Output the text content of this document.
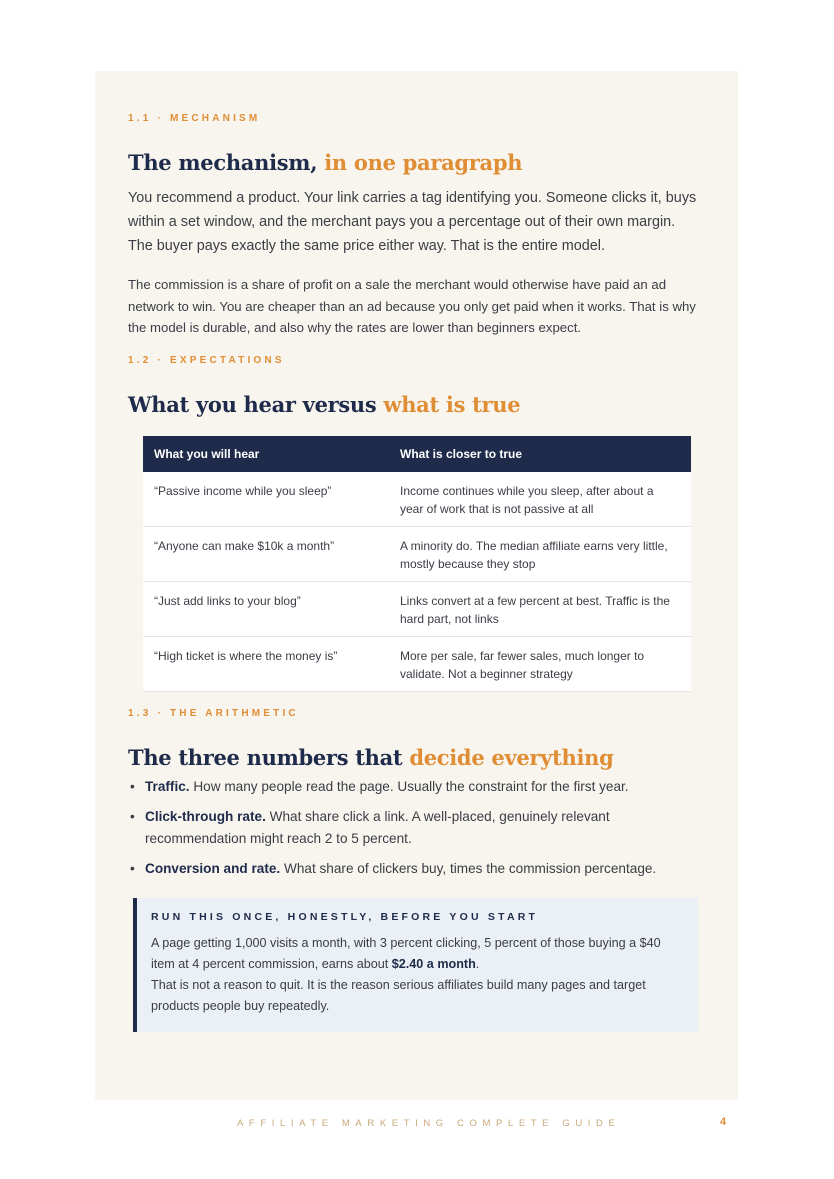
1.1 · MECHANISM
The mechanism, in one paragraph

You recommend a product. Your link carries a tag identifying you. Someone clicks it, buys within a set window, and the merchant pays you a percentage out of their own margin. The buyer pays exactly the same price either way. That is the entire model.

The commission is a share of profit on a sale the merchant would otherwise have paid an ad network to win. You are cheaper than an ad because you only get paid when it works. That is why the model is durable, and also why the rates are lower than beginners expect.

1.2 · EXPECTATIONS
What you hear versus what is true
What you will hear	What is closer to true
“Passive income while you sleep”	Income continues while you sleep, after about a year of work that is not passive at all
“Anyone can make $10k a month”	A minority do. The median affiliate earns very little, mostly because they stop
“Just add links to your blog”	Links convert at a few percent at best. Traffic is the hard part, not links
“High ticket is where the money is”	More per sale, far fewer sales, much longer to validate. Not a beginner strategy
1.3 · THE ARITHMETIC
The three numbers that decide everything
• Traffic. How many people read the page. Usually the constraint for the first year.
• Click-through rate. What share click a link. A well-placed, genuinely relevant recommendation might reach 2 to 5 percent.
• Conversion and rate. What share of clickers buy, times the commission percentage.
RUN THIS ONCE, HONESTLY, BEFORE YOU START
A page getting 1,000 visits a month, with 3 percent clicking, 5 percent of those buying a $40 item at 4 percent commission, earns about $2.40 a month.
That is not a reason to quit. It is the reason serious affiliates build many pages and target products people buy repeatedly.
AFFILIATE MARKETING COMPLETE GUIDE	4
